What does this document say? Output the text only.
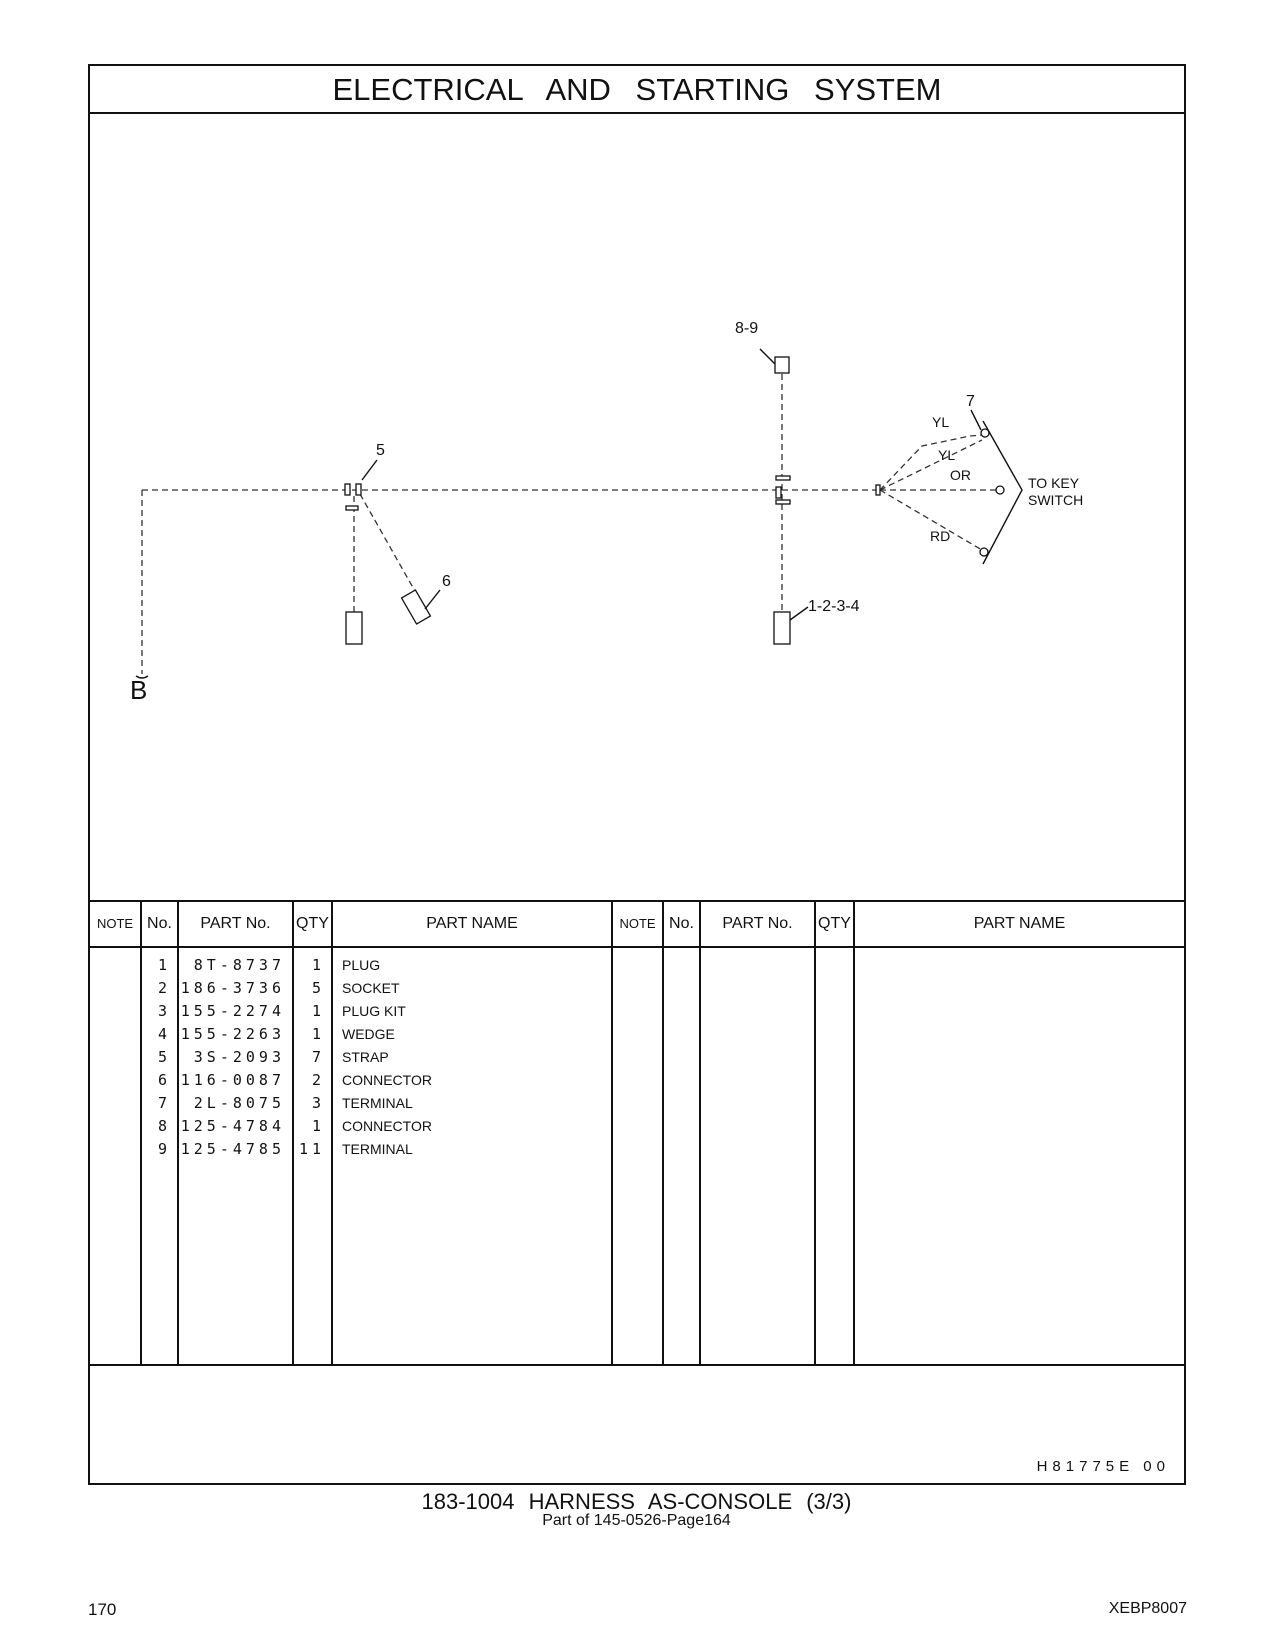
ELECTRICAL AND STARTING SYSTEM
8-9
7
5
6
1-2-3-4
B
YL
YL
OR
RD
TO KEY
SWITCH
NOTE No.	PART No.	QTY	PART NAME	NOTE No.	PART No.	QTY	PART NAME
1	8T-8737	1 PLUG
2 186-3736	5 SOCKET
3 155-2274	1 PLUG KIT
4 155-2263	1 WEDGE
5	3S-2093	7 STRAP
6 116-0087	2 CONNECTOR
7	2L-8075	3 TERMINAL
8 125-4784	1 CONNECTOR
9 125-4785 11 TERMINAL
H81775E 00
183-1004 HARNESS AS-CONSOLE (3/3)
Part of 145-0526-Page164
170	XEBP8007
